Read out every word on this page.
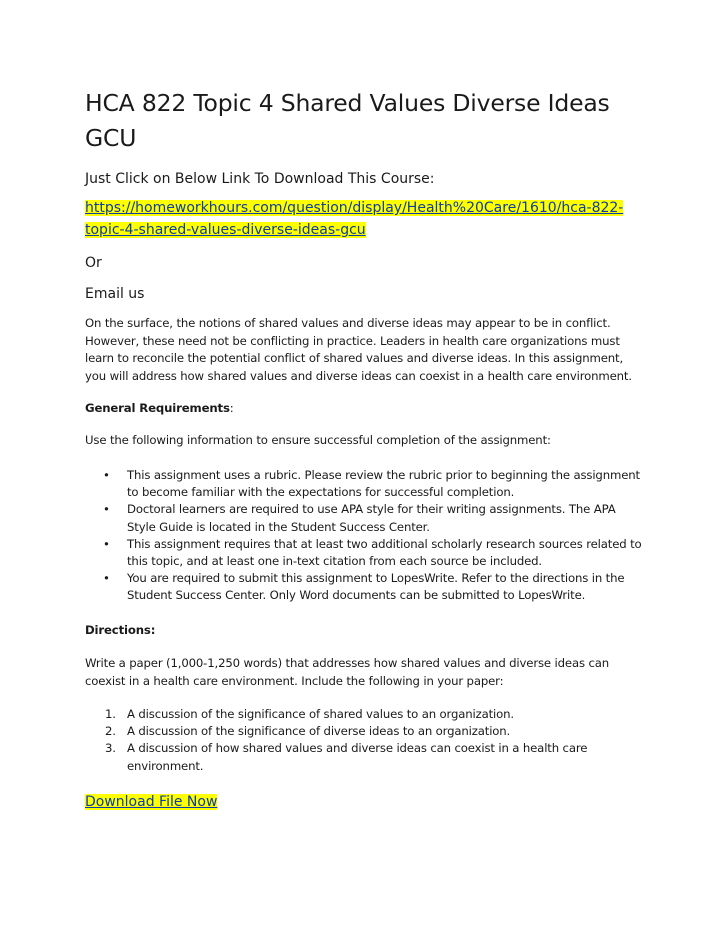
HCA 822 Topic 4 Shared Values Diverse Ideas GCU
Just Click on Below Link To Download This Course:
https://homeworkhours.com/question/display/Health%20Care/1610/hca-822-
topic-4-shared-values-diverse-ideas-gcu
Or
Email us

On the surface, the notions of shared values and diverse ideas may appear to be in conflict. However, these need not be conflicting in practice. Leaders in health care organizations must learn to reconcile the potential conflict of shared values and diverse ideas. In this assignment, you will address how shared values and diverse ideas can coexist in a health care environment.

General Requirements:
Use the following information to ensure successful completion of the assignment:
• This assignment uses a rubric. Please review the rubric prior to beginning the assignment to become familiar with the expectations for successful completion.
• Doctoral learners are required to use APA style for their writing assignments. The APA Style Guide is located in the Student Success Center.
• This assignment requires that at least two additional scholarly research sources related to this topic, and at least one in-text citation from each source be included.
• You are required to submit this assignment to LopesWrite. Refer to the directions in the Student Success Center. Only Word documents can be submitted to LopesWrite.
Directions:

Write a paper (1,000-1,250 words) that addresses how shared values and diverse ideas can coexist in a health care environment. Include the following in your paper:

1. A discussion of the significance of shared values to an organization.
2. A discussion of the significance of diverse ideas to an organization.
3. A discussion of how shared values and diverse ideas can coexist in a health care environment.
Download File Now
